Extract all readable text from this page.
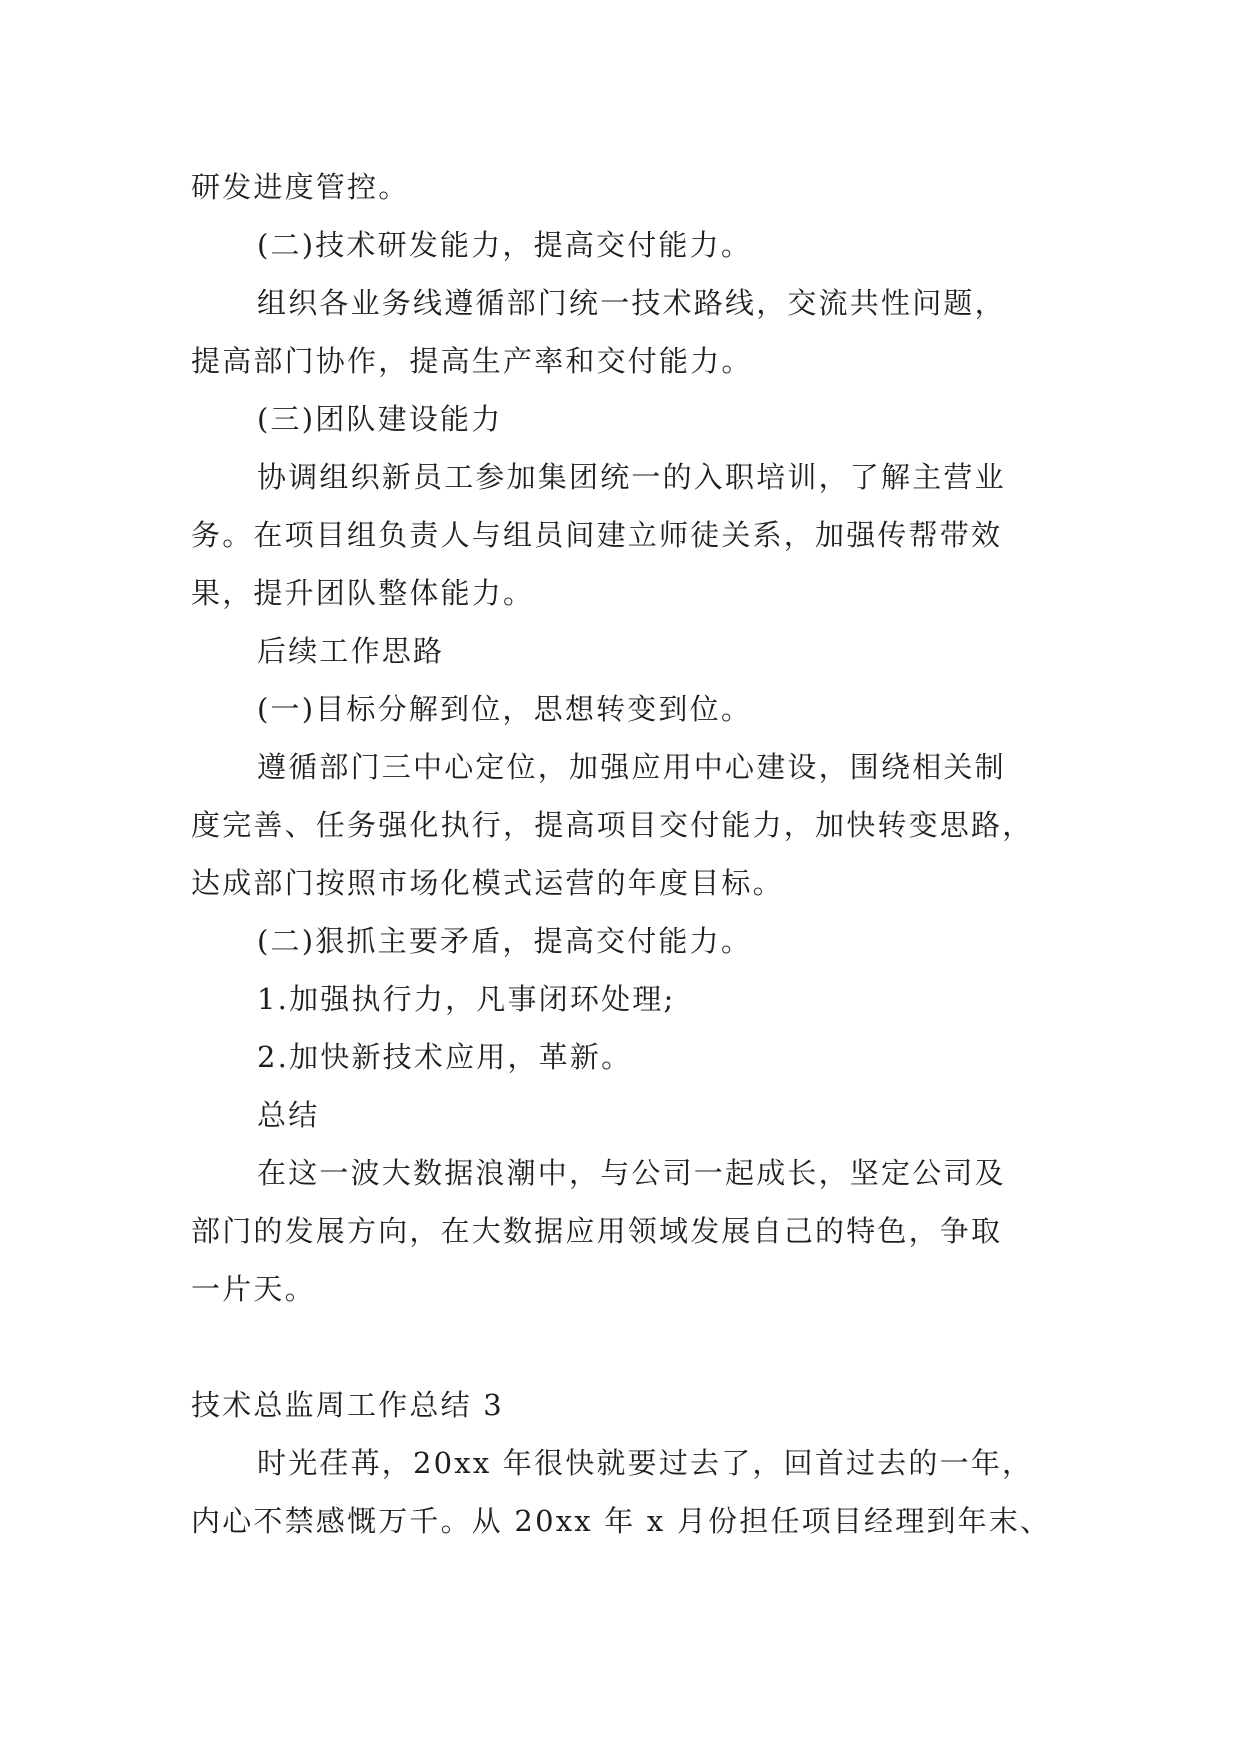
研发进度管控。
(二)技术研发能力，提高交付能力。
组织各业务线遵循部门统一技术路线，交流共性问题，
提高部门协作，提高生产率和交付能力。
(三)团队建设能力
协调组织新员工参加集团统一的入职培训，了解主营业
务。在项目组负责人与组员间建立师徒关系，加强传帮带效
果，提升团队整体能力。
后续工作思路
(一)目标分解到位，思想转变到位。
遵循部门三中心定位，加强应用中心建设，围绕相关制
度完善、任务强化执行，提高项目交付能力，加快转变思路，
达成部门按照市场化模式运营的年度目标。
(二)狠抓主要矛盾，提高交付能力。
1.加强执行力，凡事闭环处理;
2.加快新技术应用，革新。
总结
在这一波大数据浪潮中，与公司一起成长，坚定公司及
部门的发展方向，在大数据应用领域发展自己的特色，争取
一片天。
技术总监周工作总结 3
时光荏苒，20xx 年很快就要过去了，回首过去的一年，
内心不禁感慨万千。从 20xx 年 x 月份担任项目经理到年末、
